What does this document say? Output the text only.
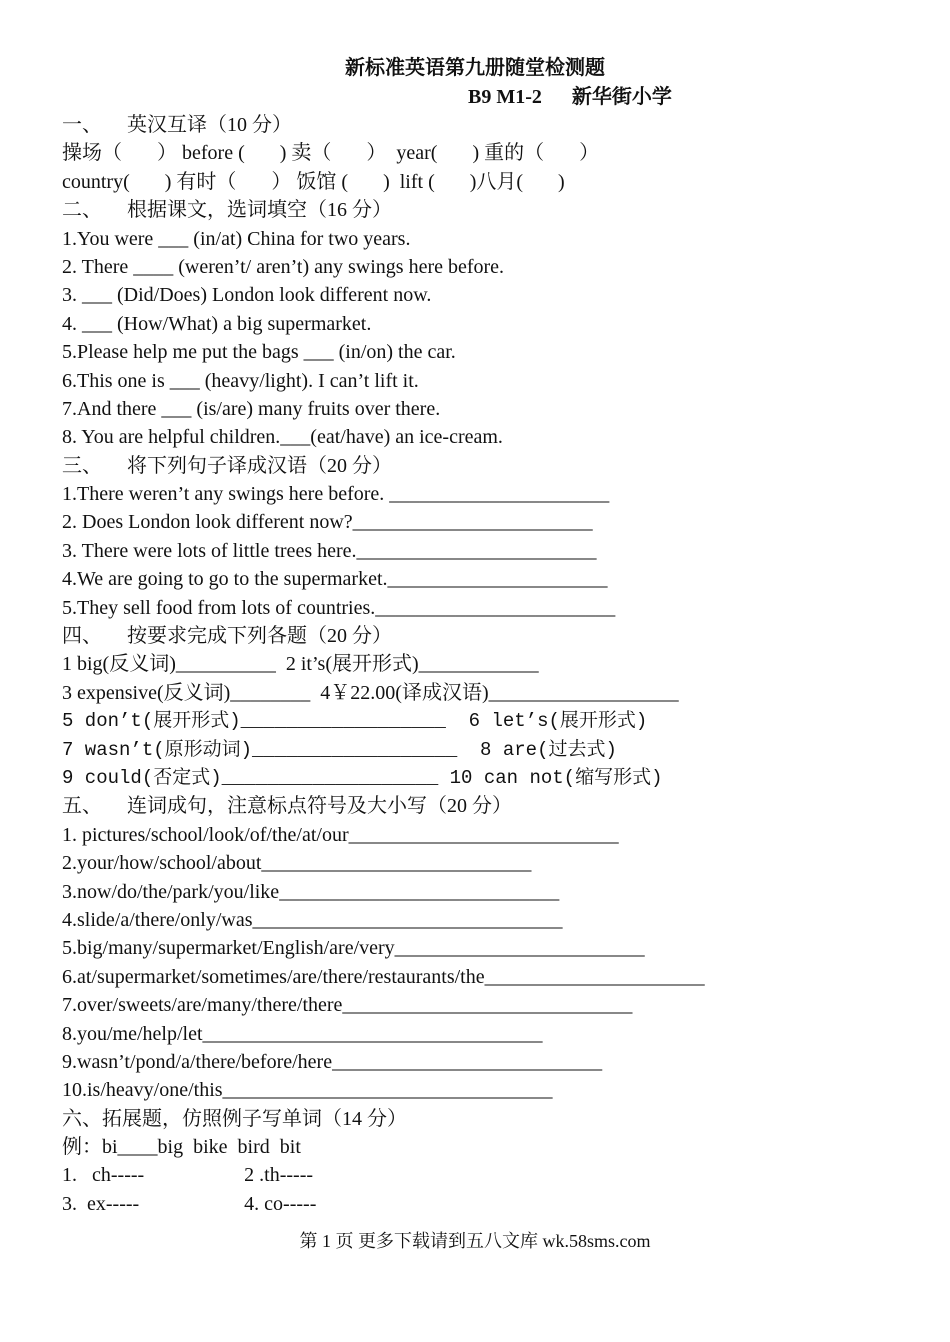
新标准英语第九册随堂检测题
B9 M1-2      新华街小学
一、     英汉互译（10 分）
操场（       ） before (       ) 卖（       ）  year(       ) 重的（       ）
country(       ) 有时（       ） 饭馆 (       )  lift (       )八月(       )
二、     根据课文，选词填空（16 分）
1.You were ___ (in/at) China for two years.
2. There ____ (weren’t/ aren’t) any swings here before.
3. ___ (Did/Does) London look different now.
4. ___ (How/What) a big supermarket.
5.Please help me put the bags ___ (in/on) the car.
6.This one is ___ (heavy/light). I can’t lift it.
7.And there ___ (is/are) many fruits over there.
8. You are helpful children.___(eat/have) an ice-cream.
三、     将下列句子译成汉语（20 分）
1.There weren’t any swings here before. ______________________
2. Does London look different now?________________________
3. There were lots of little trees here.________________________
4.We are going to go to the supermarket.______________________
5.They sell food from lots of countries.________________________
四、     按要求完成下列各题（20 分）
1 big(反义词)__________  2 it’s(展开形式)____________
3 expensive(反义词)________  4￥22.00(译成汉语)___________________
5 don’t(展开形式)__________________  6 let’s(展开形式)
7 wasn’t(原形动词)__________________  8 are(过去式)
9 could(否定式)___________________ 10 can not(缩写形式)
五、     连词成句，注意标点符号及大小写（20 分）
1. pictures/school/look/of/the/at/our___________________________
2.your/how/school/about___________________________
3.now/do/the/park/you/like____________________________
4.slide/a/there/only/was_______________________________
5.big/many/supermarket/English/are/very_________________________
6.at/supermarket/sometimes/are/there/restaurants/the______________________
7.over/sweets/are/many/there/there_____________________________
8.you/me/help/let__________________________________
9.wasn’t/pond/a/there/before/here___________________________
10.is/heavy/one/this_________________________________
六、拓展题，仿照例子写单词（14 分）
例：bi____big  bike  bird  bit
1.   ch-----                    2 .th-----
3.  ex-----                     4. co-----
第 1 页 更多下载请到五八文库 wk.58sms.com
